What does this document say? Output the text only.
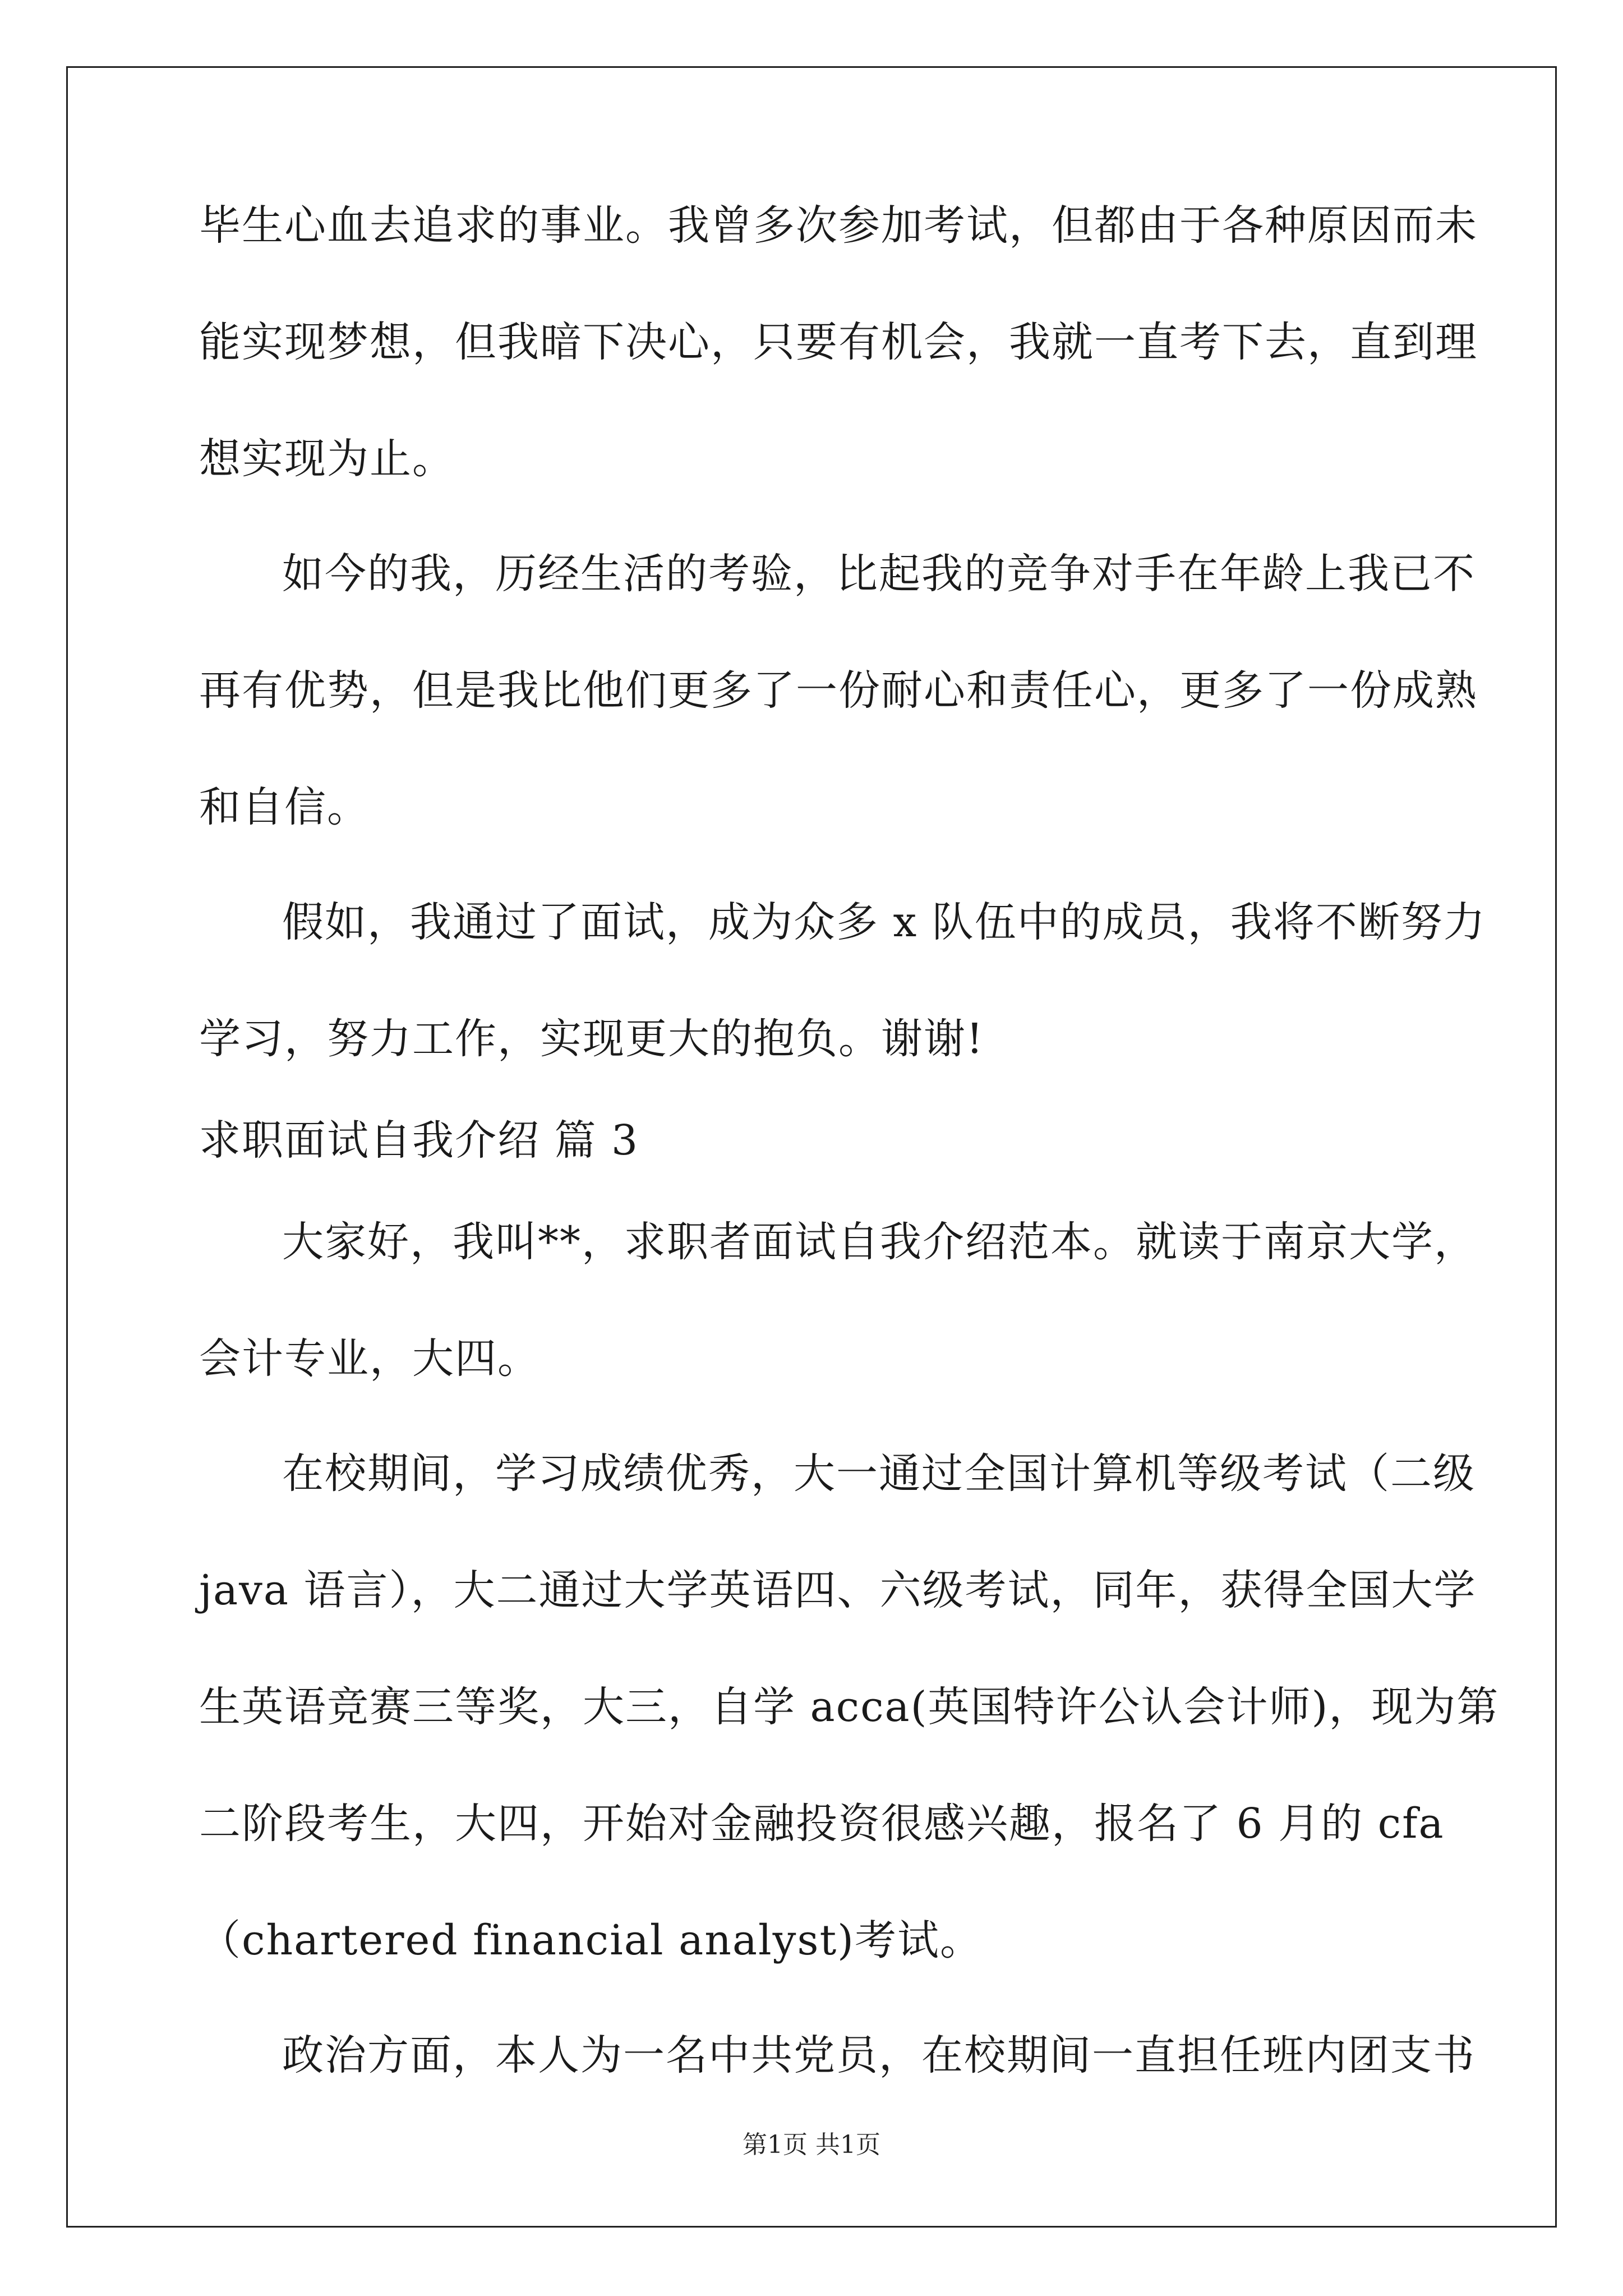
毕生心血去追求的事业。我曾多次参加考试，但都由于各种原因而未
能实现梦想，但我暗下决心，只要有机会，我就一直考下去，直到理
想实现为止。
如今的我，历经生活的考验，比起我的竞争对手在年龄上我已不
再有优势，但是我比他们更多了一份耐心和责任心，更多了一份成熟
和自信。
假如，我通过了面试，成为众多 x 队伍中的成员，我将不断努力
学习，努力工作，实现更大的抱负。谢谢!
求职面试自我介绍 篇 3
大家好，我叫**，求职者面试自我介绍范本。就读于南京大学，
会计专业，大四。
在校期间，学习成绩优秀，大一通过全国计算机等级考试（二级
java 语言），大二通过大学英语四、六级考试，同年，获得全国大学
生英语竞赛三等奖，大三，自学 acca(英国特许公认会计师)，现为第
二阶段考生，大四，开始对金融投资很感兴趣，报名了 6 月的 cfa
（chartered financial analyst)考试。
政治方面，本人为一名中共党员，在校期间一直担任班内团支书
第1页 共1页
